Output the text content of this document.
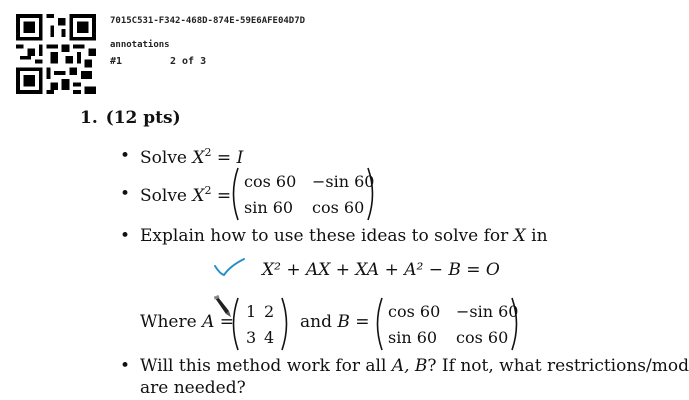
7015C531-F342-468D-874E-59E6AFE04D7D
annotations
#1	2 of 3
1. (12 pts)
• Solve $X^2 = I$
• Solve $X^2$ =
cos 60 −sin 60
sin 60 cos 60
• Explain how to use these ideas to solve for X in
X² + AX + XA + A² − B = O
Where A =
1 2
3 4
and B =
cos 60 −sin 60
sin 60 cos 60
• Will this method work for all A, B? If not, what restrictions/mod
are needed?
